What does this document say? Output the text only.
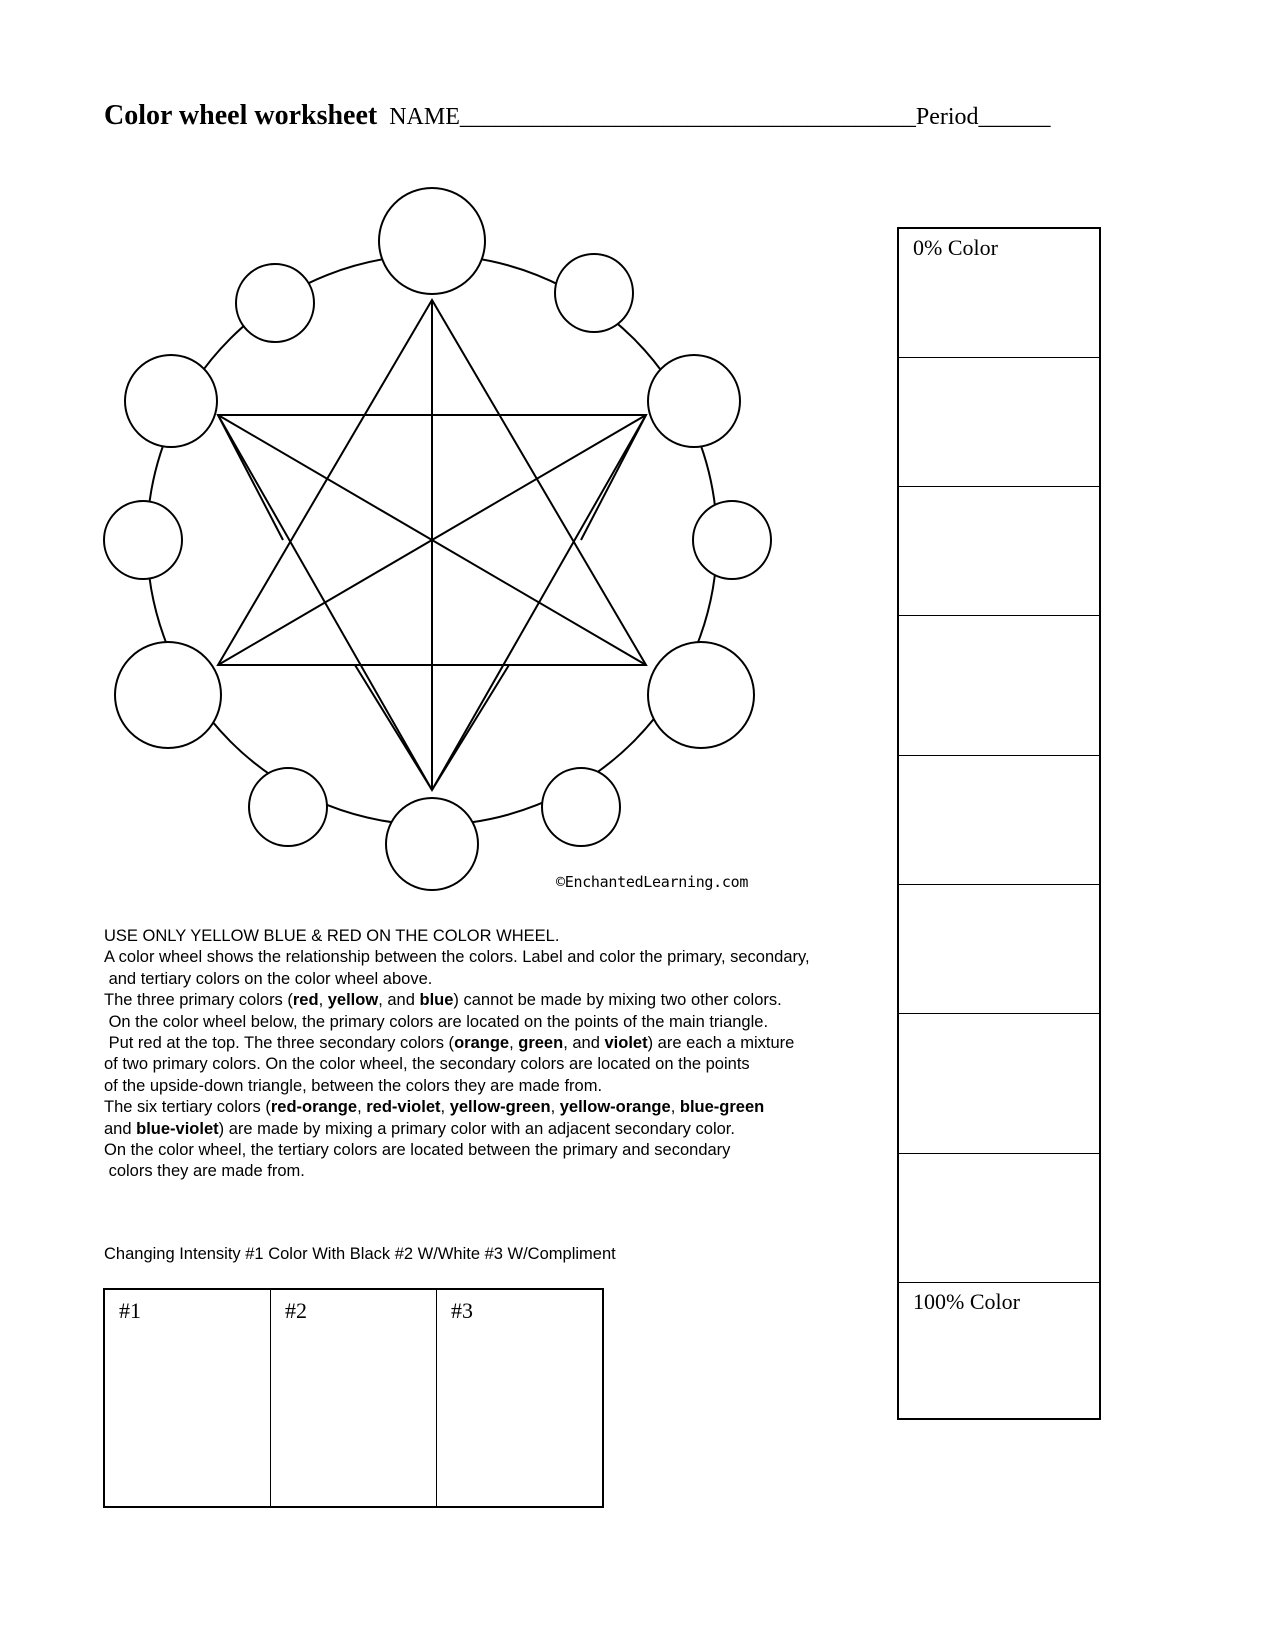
Color wheel worksheet NAME______________________________________Period______
©EnchantedLearning.com
USE ONLY YELLOW BLUE & RED ON THE COLOR WHEEL.
A color wheel shows the relationship between the colors. Label and color the primary, secondary,
and tertiary colors on the color wheel above.
The three primary colors (red, yellow, and blue) cannot be made by mixing two other colors.
On the color wheel below, the primary colors are located on the points of the main triangle.
Put red at the top. The three secondary colors (orange, green, and violet) are each a mixture
of two primary colors. On the color wheel, the secondary colors are located on the points
of the upside-down triangle, between the colors they are made from.
The six tertiary colors (red-orange, red-violet, yellow-green, yellow-orange, blue-green
and blue-violet) are made by mixing a primary color with an adjacent secondary color.
On the color wheel, the tertiary colors are located between the primary and secondary
colors they are made from.
Changing Intensity #1 Color With Black #2 W/White #3 W/Compliment
#1	#2	#3
0% Color
100% Color
